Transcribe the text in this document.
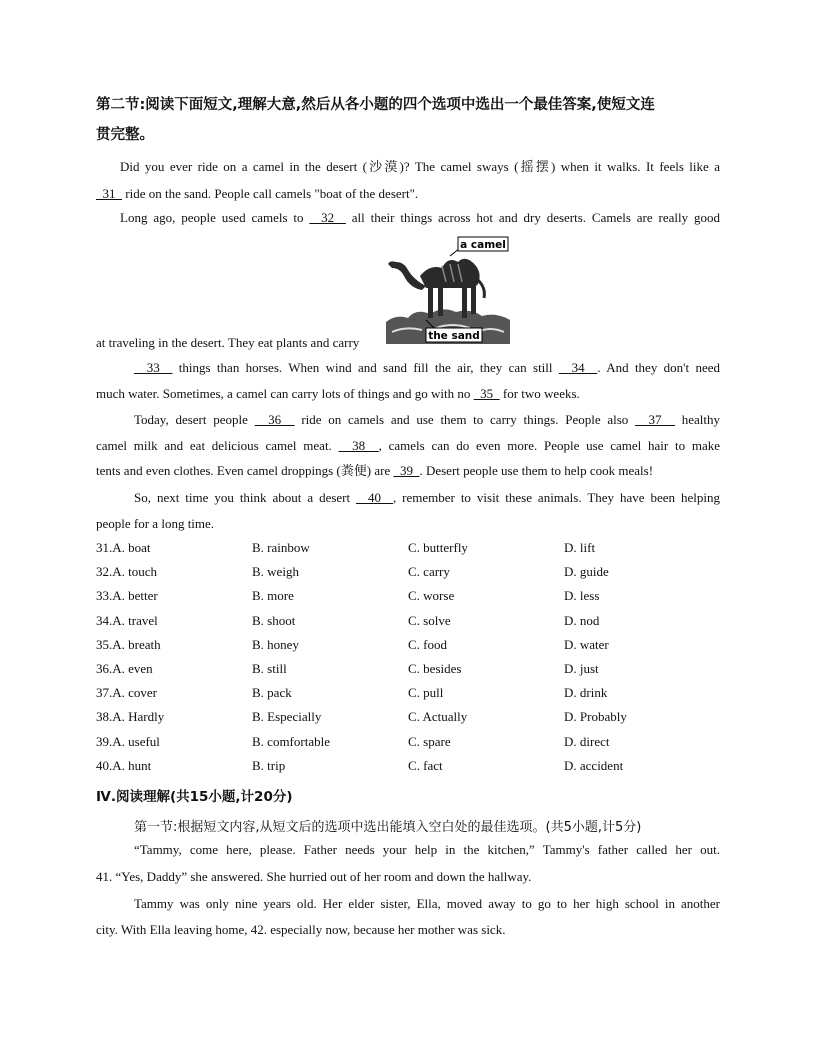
第二节:阅读下面短文,理解大意,然后从各小题的四个选项中选出一个最佳答案,使短文连
贯完整。
Did you ever ride on a camel in the desert (沙漠)? The camel sways (摇摆) when it walks. It feels like a
31   ride on the sand. People call camels "boat of the desert".
Long ago, people used camels to   32   all their things across hot and dry deserts. Camels are really good
at traveling in the desert. They eat plants and carry
a camel
the sand
33   things than horses. When wind and sand fill the air, they can still   34  . And they don't need
much water. Sometimes, a camel can carry lots of things and go with no   35   for two weeks.
Today, desert people   36   ride on camels and use them to carry things. People also   37   healthy
camel milk and eat delicious camel meat.   38  , camels can do even more. People use camel hair to make
tents and even clothes. Even camel droppings (粪便) are   39  . Desert people use them to help cook meals!
So, next time you think about a desert   40  , remember to visit these animals. They have been helping
people for a long time.
31.A. boat	B. rainbow	C. butterfly	D. lift
32.A. touch	B. weigh	C. carry	D. guide
33.A. better	B. more	C. worse	D. less
34.A. travel	B. shoot	C. solve	D. nod
35.A. breath	B. honey	C. food	D. water
36.A. even	B. still	C. besides	D. just
37.A. cover	B. pack	C. pull	D. drink
38.A. Hardly	B. Especially	C. Actually	D. Probably
39.A. useful	B. comfortable	C. spare	D. direct
40.A. hunt	B. trip	C. fact	D. accident
Ⅳ.阅读理解(共15小题,计20分)
第一节:根据短文内容,从短文后的选项中选出能填入空白处的最佳选项。(共5小题,计5分)
“Tammy, come here, please. Father needs your help in the kitchen,” Tammy's father called her out.
41. “Yes, Daddy” she answered. She hurried out of her room and down the hallway.
Tammy was only nine years old. Her elder sister, Ella, moved away to go to her high school in another
city. With Ella leaving home, 42. especially now, because her mother was sick.
